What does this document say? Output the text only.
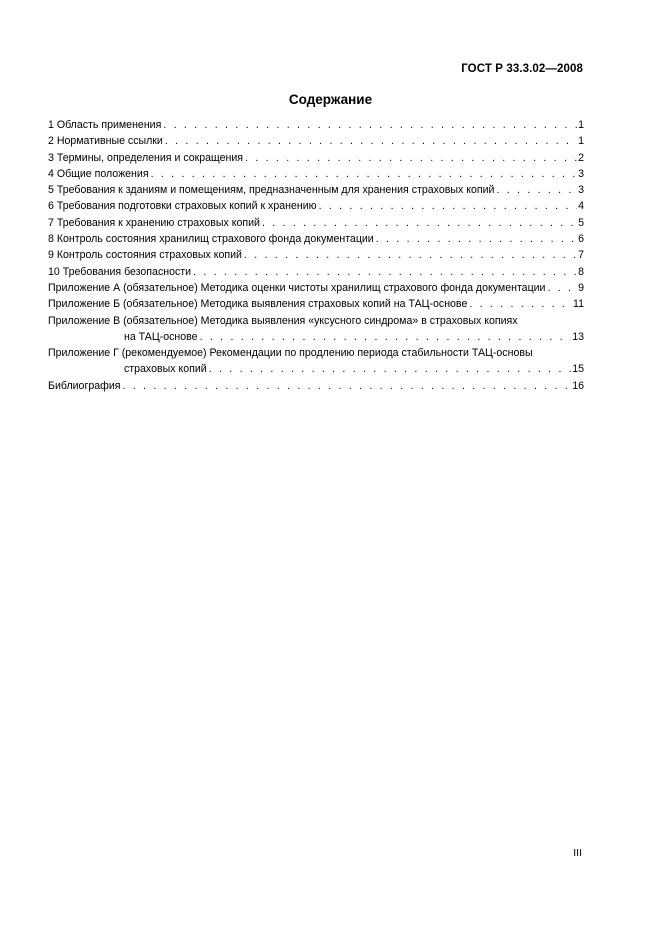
ГОСТ Р 33.3.02—2008
Содержание
1 Область применения . . .	1
2 Нормативные ссылки . . .	1
3 Термины, определения и сокращения . . .	2
4 Общие положения . . .	3
5 Требования к зданиям и помещениям, предназначенным для хранения страховых копий . . .	3
6 Требования подготовки страховых копий к хранению . . .	4
7 Требования к хранению страховых копий . . .	5
8 Контроль состояния хранилищ страхового фонда документации . . .	6
9 Контроль состояния страховых копий . . .	7
10 Требования безопасности . . .	8
Приложение А (обязательное) Методика оценки чистоты хранилищ страхового фонда документации . . .	9
Приложение Б (обязательное) Методика выявления страховых копий на ТАЦ-основе . . .	11
Приложение В (обязательное) Методика выявления «уксусного синдрома» в страховых копиях
на ТАЦ-основе . . .	13
Приложение Г (рекомендуемое) Рекомендации по продлению периода стабильности ТАЦ-основы
страховых копий . . .	15
Библиография . . .	16
III
